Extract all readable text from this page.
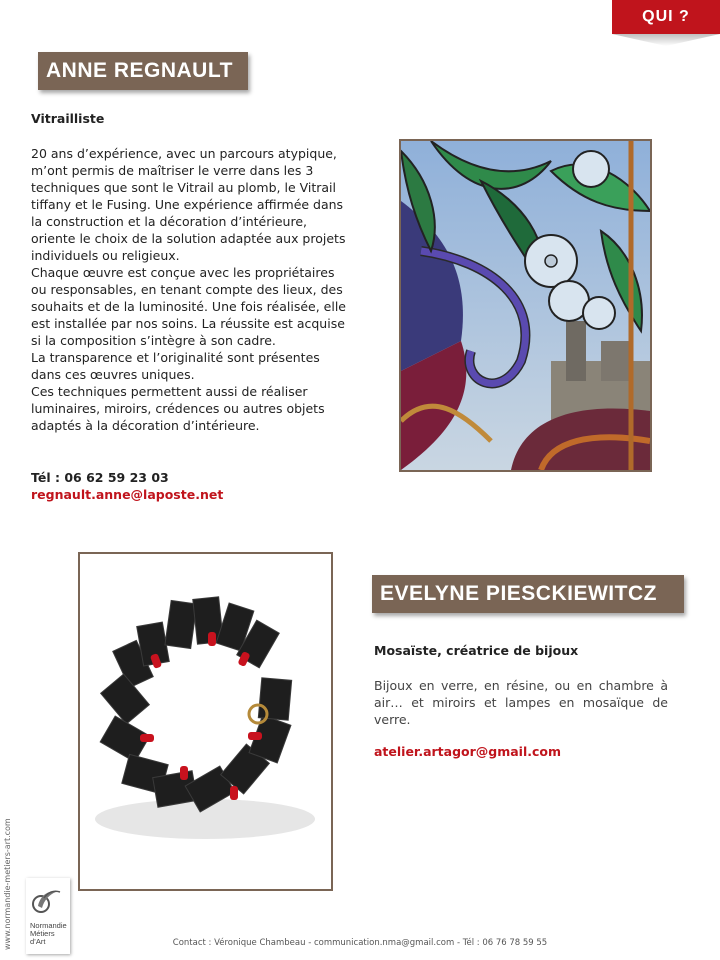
QUI ?
ANNE REGNAULT
Vitrailliste

20 ans d’expérience, avec un parcours atypique, m’ont permis de maîtriser le verre dans les 3 techniques que sont le Vitrail au plomb, le Vitrail tiffany et le Fusing. Une expérience affirmée dans la construction et la décoration d’intérieure, oriente le choix de la solution adaptée aux projets individuels ou religieux.

Chaque œuvre est conçue avec les propriétaires ou responsables, en tenant compte des lieux, des souhaits et de la luminosité. Une fois réalisée, elle est installée par nos soins. La réussite est acquise si la composition s’intègre à son cadre.

La transparence et l’originalité sont présentes dans ces œuvres uniques.

Ces techniques permettent aussi de réaliser luminaires, miroirs, crédences ou autres objets adaptés à la décoration d’intérieure.

Tél : 06 62 59 23 03
regnault.anne@laposte.net
EVELYNE PIESCKIEWITCZ
Mosaïste, créatrice de bijoux
Bijoux en verre, en résine, ou en chambre à air… et miroirs et lampes en mosaïque de verre.
atelier.artagor@gmail.com
www.normandie-metiers-art.com Normandie
Métiers
d’Art	Contact : Véronique Chambeau - communication.nma@gmail.com - Tél : 06 76 78 59 55
